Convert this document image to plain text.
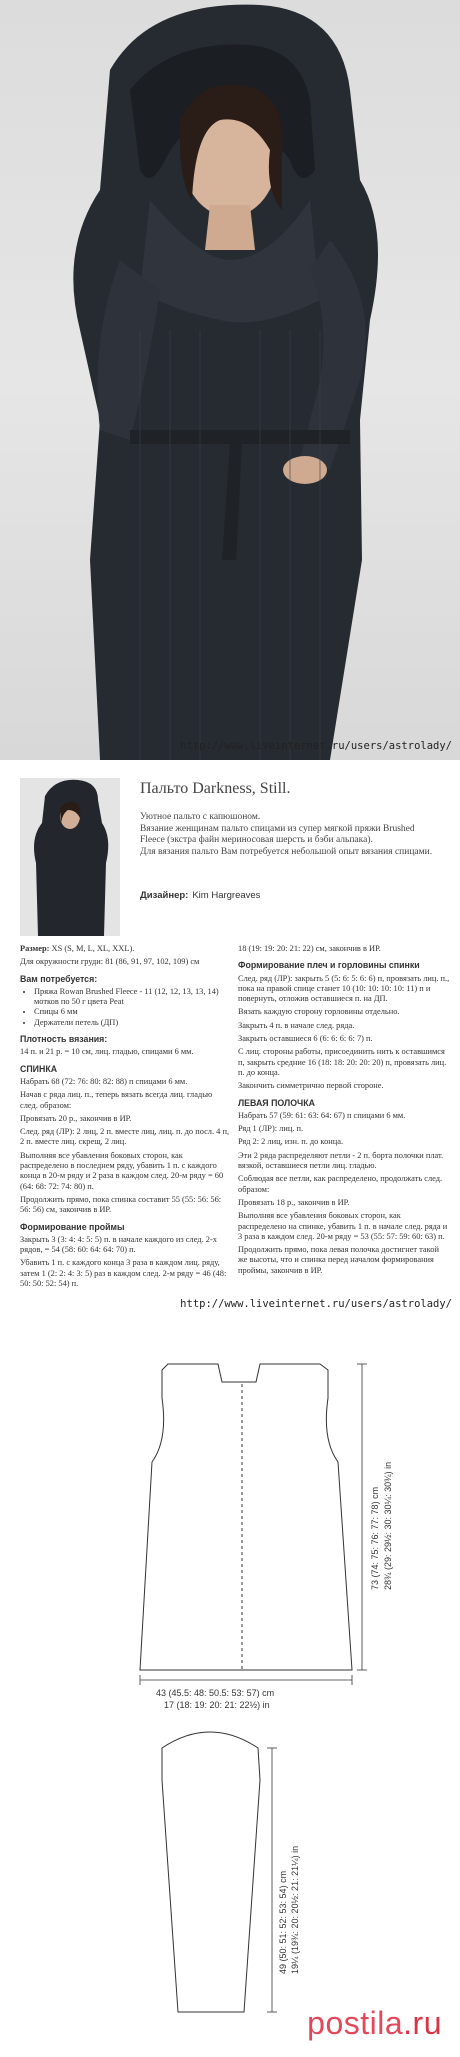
http://www.liveinternet.ru/users/astrolady/
Пальто Darkness, Still.

Уютное пальто с капюшоном.

Вязание женщинам пальто спицами из супер мягкой пряжи Brushed Fleece (экстра файн мериносовая шерсть и бэби альпака).

Для вязания пальто Вам потребуется небольшой опыт вязания спицами.

Дизайнер: Kim Hargreaves

Размер: XS (S, M, L, XL, XXL).

Для окружности груди: 81 (86, 91, 97, 102, 109) см

Вам потребуется:

• Пряжа Rowan Brushed Fleece - 11 (12, 12, 13, 13, 14) мотков по 50 г цвета Peat
• Спицы 6 мм
• Держатели петель (ДП)

Плотность вязания:

14 п. и 21 р. = 10 см, лиц. гладью, спицами 6 мм.

СПИНКА

Набрать 68 (72: 76: 80: 82: 88) п спицами 6 мм.

Начав с ряда лиц. п., теперь вязать всегда лиц. гладью след. образом:

Провязать 20 р., закончив в ИР.

След. ряд (ЛР): 2 лиц, 2 п. вместе лиц, лиц. п. до посл. 4 п, 2 п. вместе лиц. скрещ, 2 лиц.

Выполняя все убавления боковых сторон, как распределено в последнем ряду, убавить 1 п. с каждого конца в 20-м ряду и 2 раза в каждом след. 20-м ряду = 60 (64: 68: 72: 74: 80) п.

Продолжить прямо, пока спинка составит 55 (55: 56: 56: 56: 56) см, закончив в ИР.

Формирование проймы

Закрыть 3 (3: 4: 4: 5: 5) п. в начале каждого из след. 2-х рядов, = 54 (58: 60: 64: 64: 70) п.

Убавить 1 п. с каждого конца 3 раза в каждом лиц. ряду, затем 1 (2: 2: 4: 3: 5) раз в каждом след. 2-м ряду = 46 (48: 50: 50: 52: 54) п.

18 (19: 19: 20: 21: 22) см, закончив в ИР.

Формирование плеч и горловины спинки

След. ряд (ЛР): закрыть 5 (5: 6: 5: 6: 6) п, провязать лиц. п., пока на правой спице станет 10 (10: 10: 10: 10: 11) п и повернуть, отложив оставшиеся п. на ДП.

Вязать каждую сторону горловины отдельно.

Закрыть 4 п. в начале след. ряда.

Закрыть оставшиеся 6 (6: 6: 6: 6: 7) п.

С лиц. стороны работы, присоединить нить к оставшимся п, закрыть средние 16 (18: 18: 20: 20: 20) п, провязать лиц. п. до конца.

Закончить симметрично первой стороне.

ЛЕВАЯ ПОЛОЧКА

Набрать 57 (59: 61: 63: 64: 67) п спицами 6 мм.

Ряд 1 (ЛР): лиц. п.

Ряд 2: 2 лиц, изн. п. до конца.

Эти 2 ряда распределяют петли - 2 п. борта полочки плат. вязкой, оставшиеся петли лиц. гладью.

Соблюдая все петли, как распределено, продолжать след. образом:

Провязать 18 р., закончив в ИР.

Выполняя все убавления боковых сторон, как распределено на спинке, убавить 1 п. в начале след. ряда и 3 раза в каждом след. 20-м ряду = 53 (55: 57: 59: 60: 63) п.

Продолжить прямо, пока левая полочка достигнет такой же высоты, что и спинка перед началом формирования проймы, закончив в ИР.

http://www.liveinternet.ru/users/astrolady/
73 (74: 75: 76: 77: 78) cm 28¾ (29: 29½: 30: 30¼: 30¾) in
43 (45.5: 48: 50.5: 53: 57) cm
17 (18: 19: 20: 21: 22½) in
49 (50: 51: 52: 53: 54) cm 19¼ (19¾: 20: 20½: 21: 21¼) in
postila.ru
